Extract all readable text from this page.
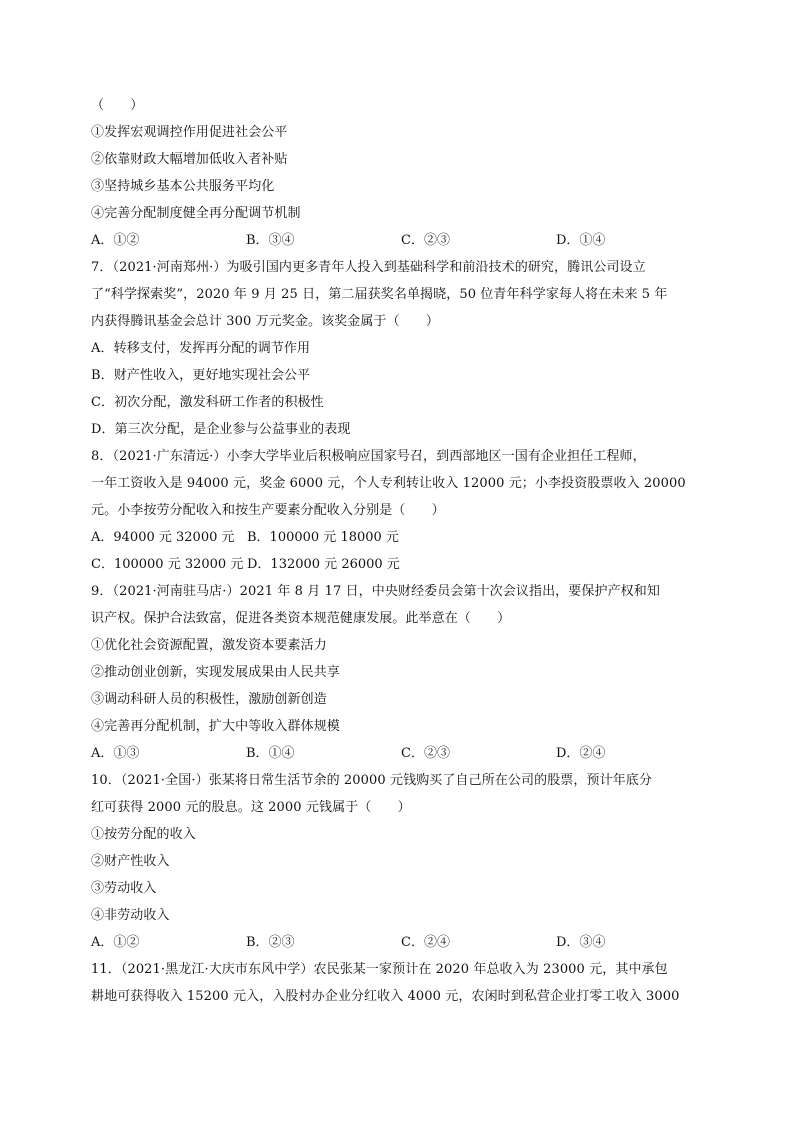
（　　）
①发挥宏观调控作用促进社会公平
②依靠财政大幅增加低收入者补贴
③坚持城乡基本公共服务平均化
④完善分配制度健全再分配调节机制
A．①②	B．③④	C．②③	D．①④
7．（2021·河南郑州·）为吸引国内更多青年人投入到基础科学和前沿技术的研究，腾讯公司设立
了“科学探索奖”，2020 年 9 月 25 日，第二届获奖名单揭晓，50 位青年科学家每人将在未来 5 年
内获得腾讯基金会总计 300 万元奖金。该奖金属于（　　）
A．转移支付，发挥再分配的调节作用
B．财产性收入，更好地实现社会公平
C．初次分配，激发科研工作者的积极性
D．第三次分配，是企业参与公益事业的表现
8．（2021·广东清远·）小李大学毕业后积极响应国家号召，到西部地区一国有企业担任工程师，
一年工资收入是 94000 元，奖金 6000 元，个人专利转让收入 12000 元；小李投资股票收入 20000
元。小李按劳分配收入和按生产要素分配收入分别是（　　）
A．94000 元 32000 元 B．100000 元 18000 元
C．100000 元 32000 元 D．132000 元 26000 元
9．（2021·河南驻马店·）2021 年 8 月 17 日，中央财经委员会第十次会议指出，要保护产权和知
识产权。保护合法致富，促进各类资本规范健康发展。此举意在（　　）
①优化社会资源配置，激发资本要素活力
②推动创业创新，实现发展成果由人民共享
③调动科研人员的积极性，激励创新创造
④完善再分配机制，扩大中等收入群体规模
A．①③	B．①④	C．②③	D．②④
10．（2021·全国·）张某将日常生活节余的 20000 元钱购买了自己所在公司的股票，预计年底分
红可获得 2000 元的股息。这 2000 元钱属于（　　）
①按劳分配的收入
②财产性收入
③劳动收入
④非劳动收入
A．①②	B．②③	C．②④	D．③④
11．（2021·黑龙江·大庆市东风中学）农民张某一家预计在 2020 年总收入为 23000 元，其中承包
耕地可获得收入 15200 元入，入股村办企业分红收入 4000 元，农闲时到私营企业打零工收入 3000
